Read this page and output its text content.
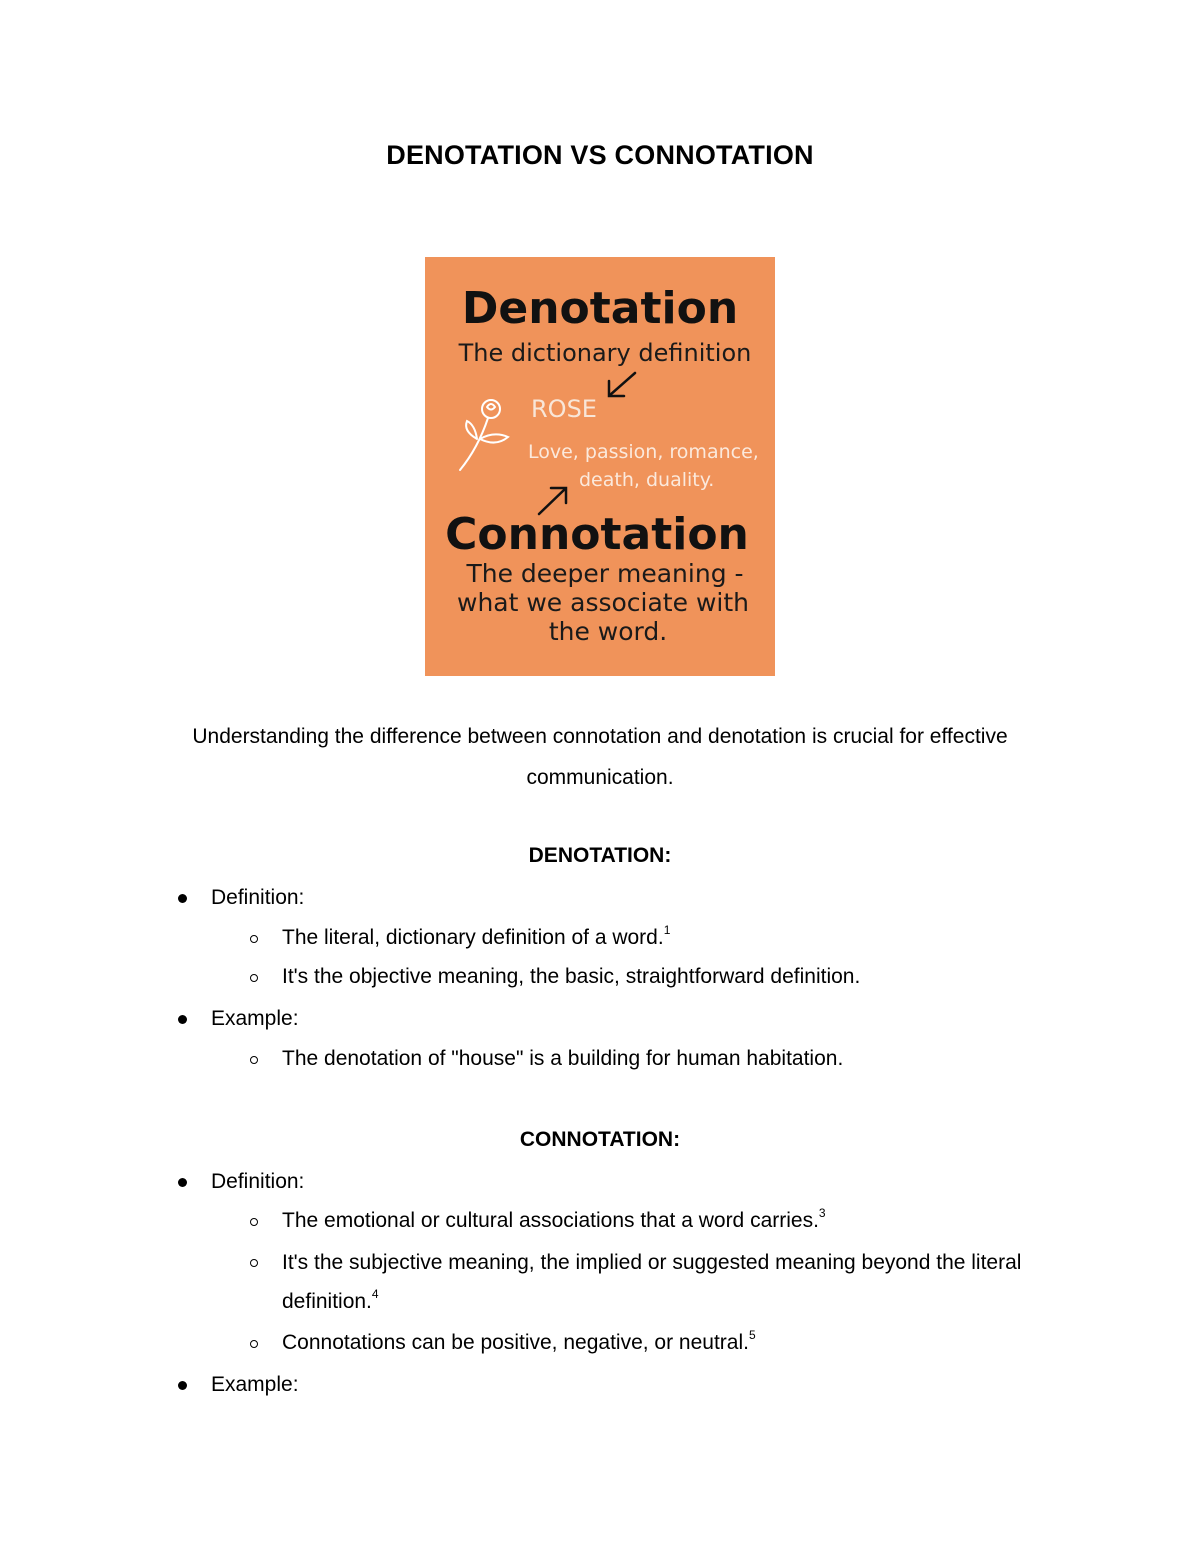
DENOTATION VS CONNOTATION
Denotation
The dictionary definition
ROSE
Love, passion, romance,
death, duality.
Connotation
The deeper meaning -
what we associate with
the word.
Understanding the difference between connotation and denotation is crucial for effective communication.
DENOTATION:
Definition:
The literal, dictionary definition of a word.$^1$
It's the objective meaning, the basic, straightforward definition.
Example:
The denotation of "house" is a building for human habitation.
CONNOTATION:
Definition:
The emotional or cultural associations that a word carries.$^3$
It's the subjective meaning, the implied or suggested meaning beyond the literal definition.$^4$
Connotations can be positive, negative, or neutral.$^5$
Example:
